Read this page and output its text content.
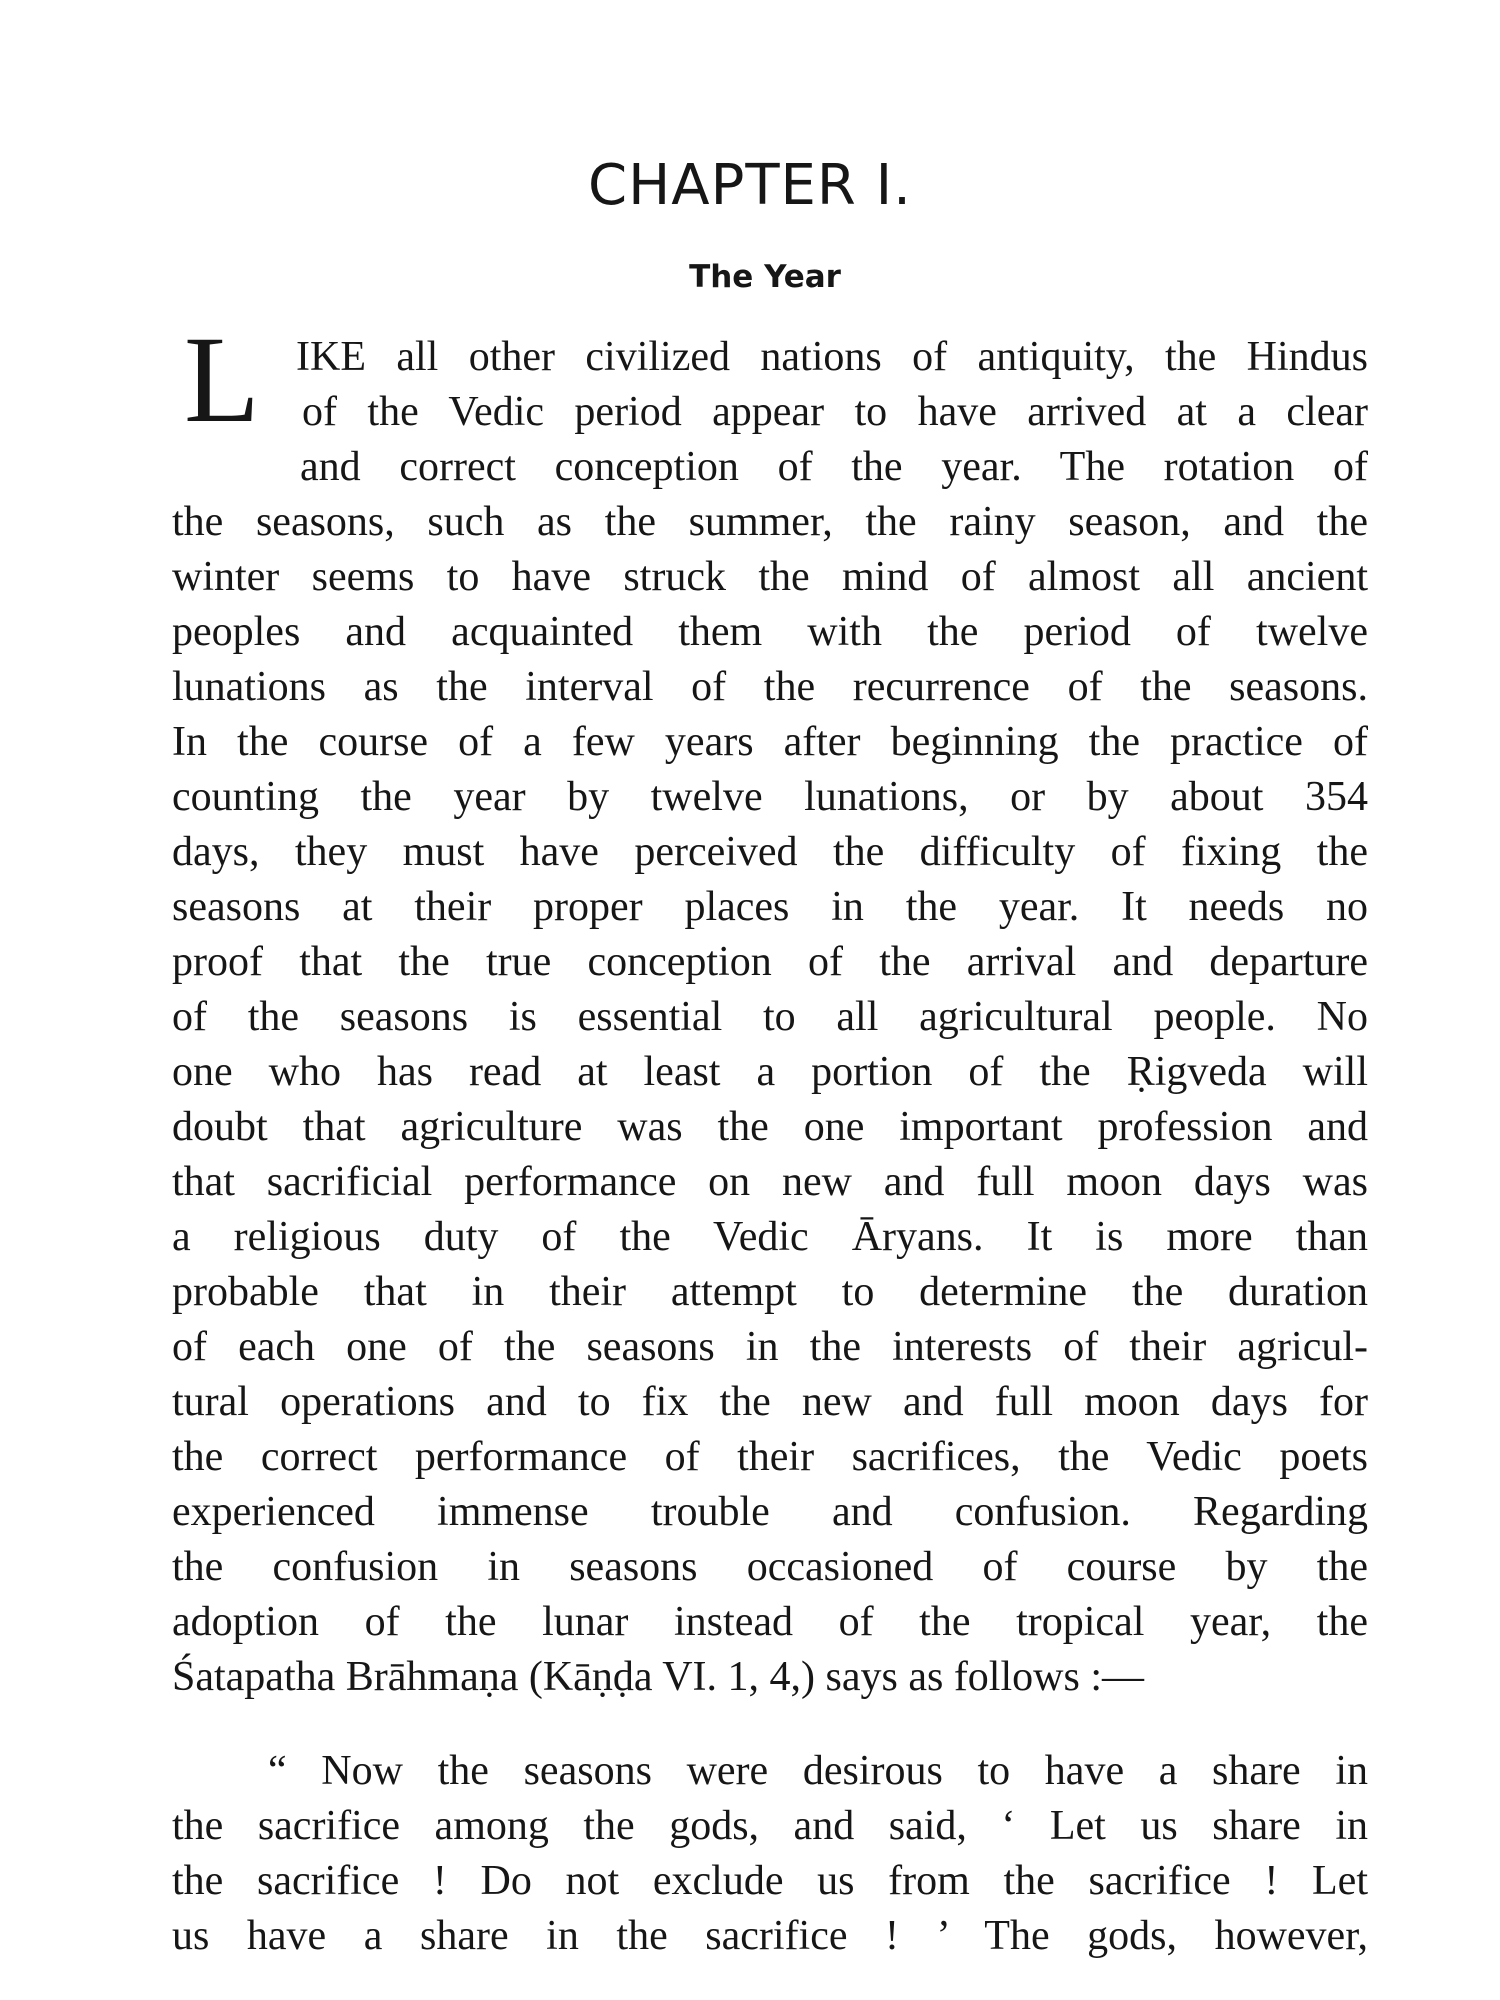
CHAPTER I.
The Year
L IKE all other civilized nations of antiquity, the Hindus
of the Vedic period appear to have arrived at a clear
and correct conception of the year. The rotation of
the seasons, such as the summer, the rainy season, and the
winter seems to have struck the mind of almost all ancient
peoples and acquainted them with the period of twelve
lunations as the interval of the recurrence of the seasons.
In the course of a few years after beginning the practice of
counting the year by twelve lunations, or by about 354
days, they must have perceived the difficulty of fixing the
seasons at their proper places in the year. It needs no
proof that the true conception of the arrival and departure
of the seasons is essential to all agricultural people. No
one who has read at least a portion of the Ṛigveda will
doubt that agriculture was the one important profession and
that sacrificial performance on new and full moon days was
a religious duty of the Vedic Āryans. It is more than
probable that in their attempt to determine the duration
of each one of the seasons in the interests of their agricul-
tural operations and to fix the new and full moon days for
the correct performance of their sacrifices, the Vedic poets
experienced immense trouble and confusion. Regarding
the confusion in seasons occasioned of course by the
adoption of the lunar instead of the tropical year, the
Śatapatha Brāhmaṇa (Kāṇḍa VI. 1, 4,) says as follows :—
“ Now the seasons were desirous to have a share in
the sacrifice among the gods, and said, ‘ Let us share in
the sacrifice ! Do not exclude us from the sacrifice ! Let
us have a share in the sacrifice ! ’ The gods, however,
